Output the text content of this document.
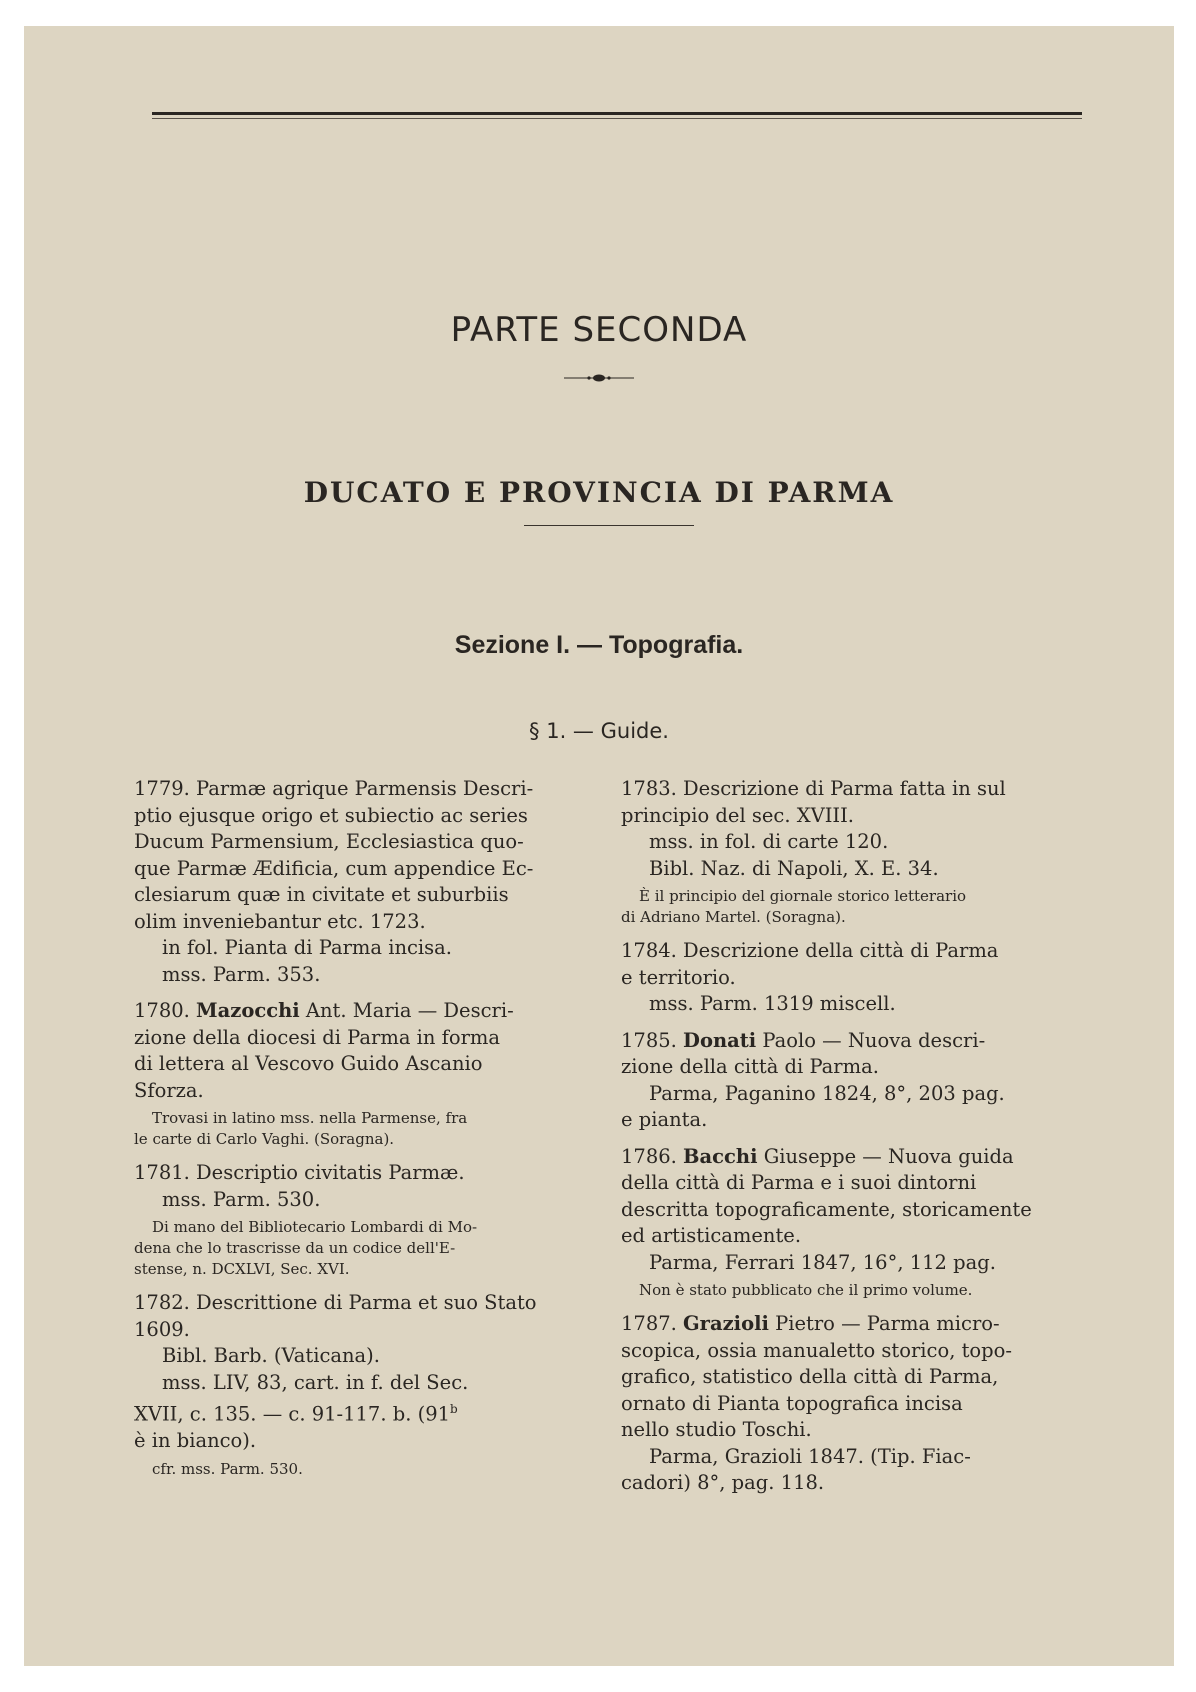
PARTE SECONDA
DUCATO E PROVINCIA DI PARMA
Sezione I. — Topografia.
§ 1. — Guide.

1779. Parmæ agrique Parmensis Descri-

ptio ejusque origo et subiectio ac series

Ducum Parmensium, Ecclesiastica quo-

que Parmæ Ædificia, cum appendice Ec-

clesiarum quæ in civitate et suburbiis

olim inveniebantur etc. 1723.

in fol. Pianta di Parma incisa.

mss. Parm. 353.

1780. Mazocchi Ant. Maria — Descri-

zione della diocesi di Parma in forma

di lettera al Vescovo Guido Ascanio

Sforza.

Trovasi in latino mss. nella Parmense, fra

le carte di Carlo Vaghi. (Soragna).

1781. Descriptio civitatis Parmæ.

mss. Parm. 530.

Di mano del Bibliotecario Lombardi di Mo-

dena che lo trascrisse da un codice dell'E-

stense, n. DCXLVI, Sec. XVI.

1782. Descrittione di Parma et suo Stato

1609.

Bibl. Barb. (Vaticana).

mss. LIV, 83, cart. in f. del Sec.

XVII, c. 135. — c. 91-117. b. (91$^b$

è in bianco).

cfr. mss. Parm. 530.

1783. Descrizione di Parma fatta in sul

principio del sec. XVIII.

mss. in fol. di carte 120.

Bibl. Naz. di Napoli, X. E. 34.

È il principio del giornale storico letterario

di Adriano Martel. (Soragna).

1784. Descrizione della città di Parma

e territorio.

mss. Parm. 1319 miscell.

1785. Donati Paolo — Nuova descri-

zione della città di Parma.

Parma, Paganino 1824, 8°, 203 pag.

e pianta.

1786. Bacchi Giuseppe — Nuova guida

della città di Parma e i suoi dintorni

descritta topograficamente, storicamente

ed artisticamente.

Parma, Ferrari 1847, 16°, 112 pag.

Non è stato pubblicato che il primo volume.

1787. Grazioli Pietro — Parma micro-

scopica, ossia manualetto storico, topo-

grafico, statistico della città di Parma,

ornato di Pianta topografica incisa

nello studio Toschi.

Parma, Grazioli 1847. (Tip. Fiac-

cadori) 8°, pag. 118.
